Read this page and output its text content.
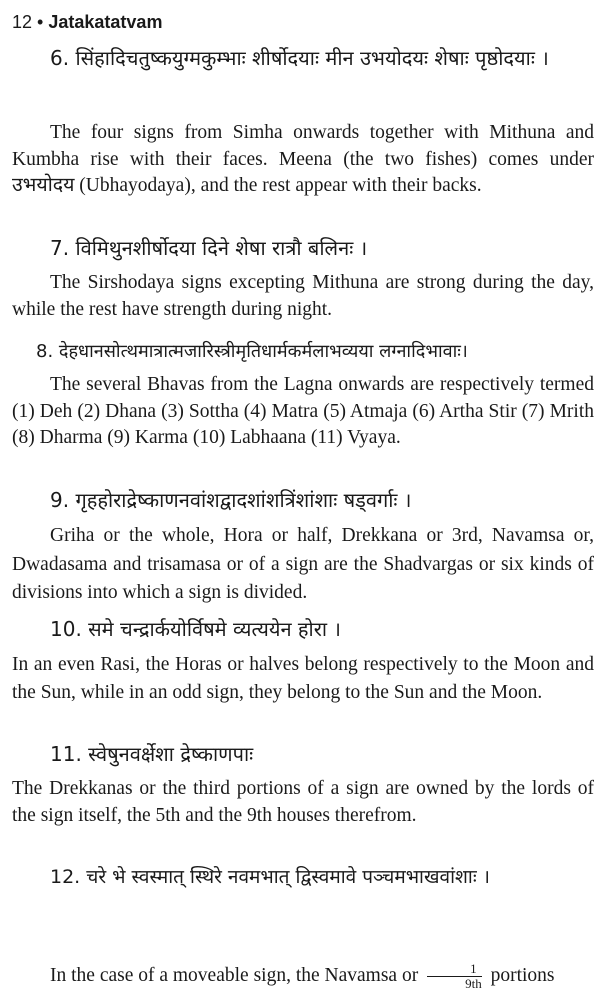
12 • Jatakatatvam
6. सिंहादिचतुष्कयुग्मकुम्भाः शीर्षोदयाः मीन उभयोदयः शेषाः पृष्ठोदयाः ।
The four signs from Simha onwards together with Mithuna and Kumbha rise with their faces. Meena (the two fishes) comes under उभयोदय (Ubhayodaya), and the rest appear with their backs.
7. विमिथुनशीर्षोदया दिने शेषा रात्रौ बलिनः ।
The Sirshodaya signs excepting Mithuna are strong during the day, while the rest have strength during night.
8. देहधानसोत्थमात्रात्मजारिस्त्रीमृतिधार्मकर्मलाभव्यया लग्नादिभावाः।
The several Bhavas from the Lagna onwards are respectively termed (1) Deh (2) Dhana (3) Sottha (4) Matra (5) Atmaja (6) Artha Stir (7) Mrith (8) Dharma (9) Karma (10) Labhaana (11) Vyaya.
9. गृहहोराद्रेष्काणनवांशद्वादशांशत्रिंशांशाः षड्वर्गाः ।
Griha or the whole, Hora or half, Drekkana or 3rd, Navamsa or, Dwadasama and trisamasa or of a sign are the Shadvargas or six kinds of divisions into which a sign is divided.
10. समे चन्द्रार्कयोर्विषमे व्यत्ययेन होरा ।
In an even Rasi, the Horas or halves belong respectively to the Moon and the Sun, while in an odd sign, they belong to the Sun and the Moon.
11. स्वेषुनवर्क्षेशा द्रेष्काणपाः
The Drekkanas or the third portions of a sign are owned by the lords of the sign itself, the 5th and the 9th houses therefrom.
12. चरे भे स्वस्मात् स्थिरे नवमभात् द्विस्वमावे पञ्चमभाखवांशाः ।
In the case of a moveable sign, the Navamsa or $\frac{1}{9th}$ portions
